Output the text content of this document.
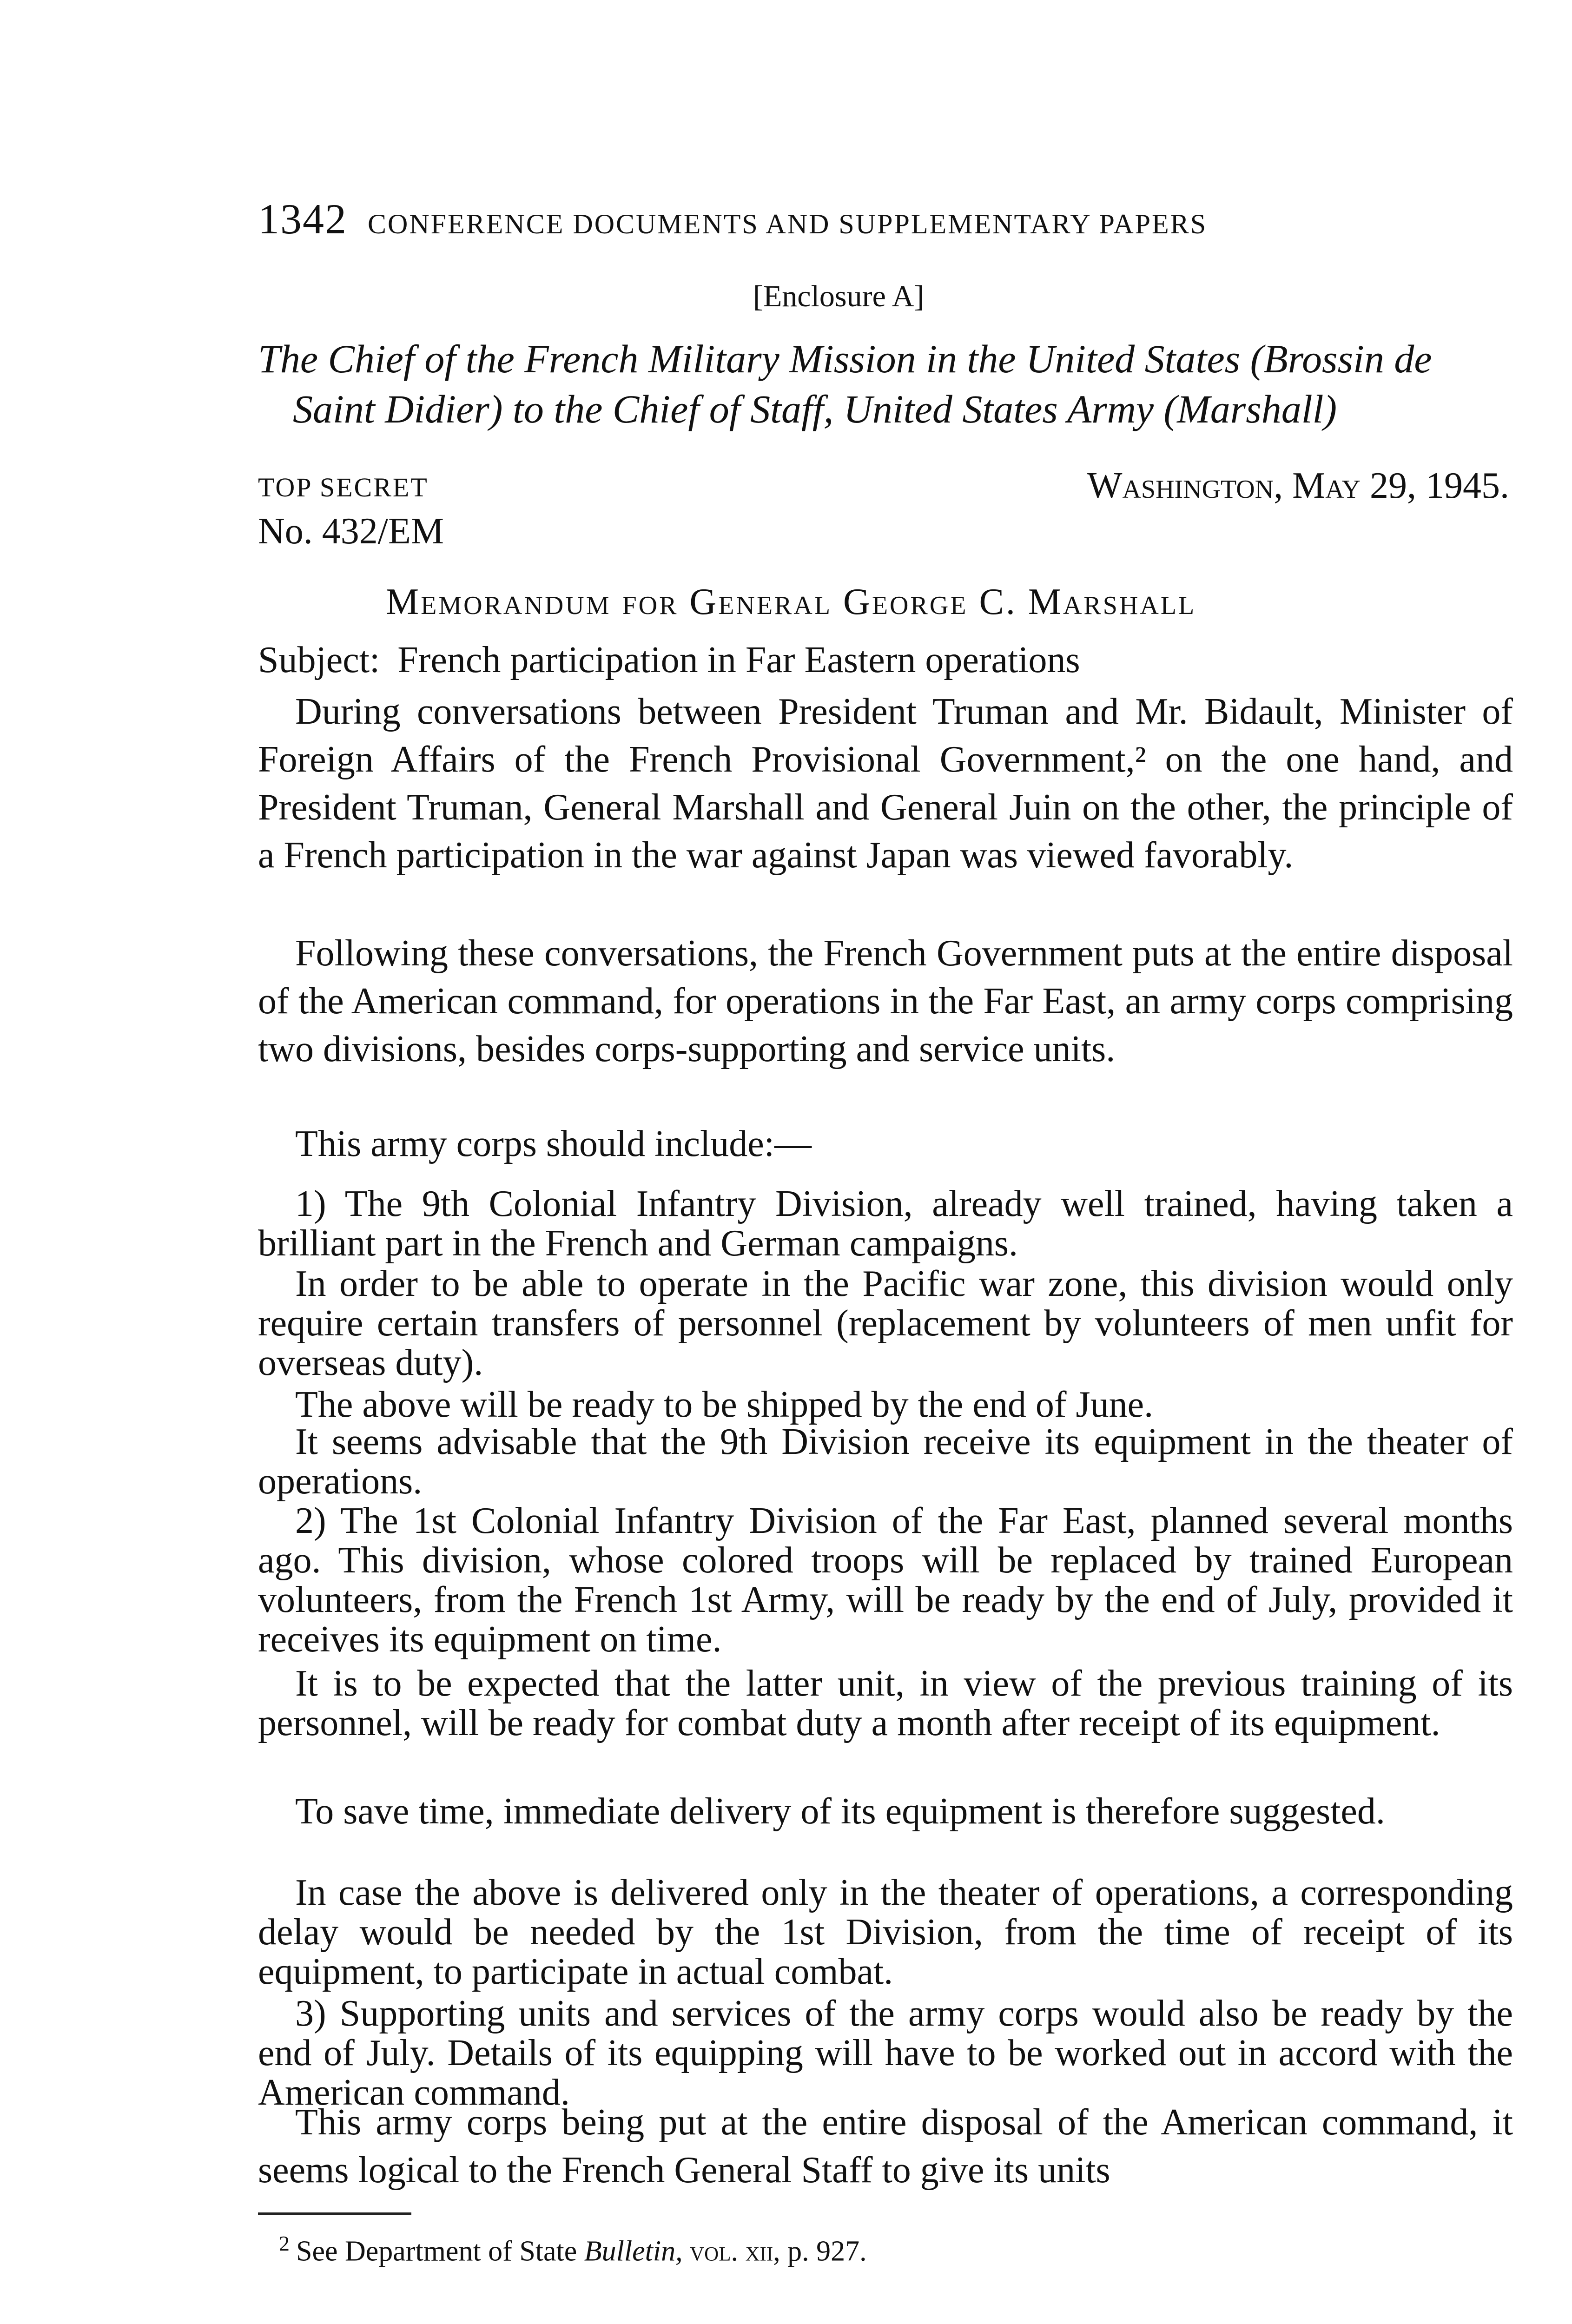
1342 CONFERENCE DOCUMENTS AND SUPPLEMENTARY PAPERS
[Enclosure A]
The Chief of the French Military Mission in the United States (Brossin de
Saint Didier) to the Chief of Staff, United States Army (Marshall)
TOP SECRET	Washington, May 29, 1945.
No. 432/EM
Memorandum for General George C. Marshall
Subject: French participation in Far Eastern operations

During conversations between President Truman and Mr. Bidault, Minister of Foreign Affairs of the French Provisional Government,² on the one hand, and President Truman, General Marshall and General Juin on the other, the principle of a French participation in the war against Japan was viewed favorably.

Following these conversations, the French Government puts at the entire disposal of the American command, for operations in the Far East, an army corps comprising two divisions, besides corps-supporting and service units.

This army corps should include:—

1) The 9th Colonial Infantry Division, already well trained, having taken a brilliant part in the French and German campaigns.

In order to be able to operate in the Pacific war zone, this division would only require certain transfers of personnel (replacement by volunteers of men unfit for overseas duty).

The above will be ready to be shipped by the end of June.

It seems advisable that the 9th Division receive its equipment in the theater of operations.

2) The 1st Colonial Infantry Division of the Far East, planned several months ago. This division, whose colored troops will be replaced by trained European volunteers, from the French 1st Army, will be ready by the end of July, provided it receives its equipment on time.

It is to be expected that the latter unit, in view of the previous training of its personnel, will be ready for combat duty a month after receipt of its equipment.

To save time, immediate delivery of its equipment is therefore suggested.

In case the above is delivered only in the theater of operations, a corresponding delay would be needed by the 1st Division, from the time of receipt of its equipment, to participate in actual combat.

3) Supporting units and services of the army corps would also be ready by the end of July. Details of its equipping will have to be worked out in accord with the American command.

This army corps being put at the entire disposal of the American command, it seems logical to the French General Staff to give its units

$^2$ See Department of State Bulletin, vol. xii, p. 927.
